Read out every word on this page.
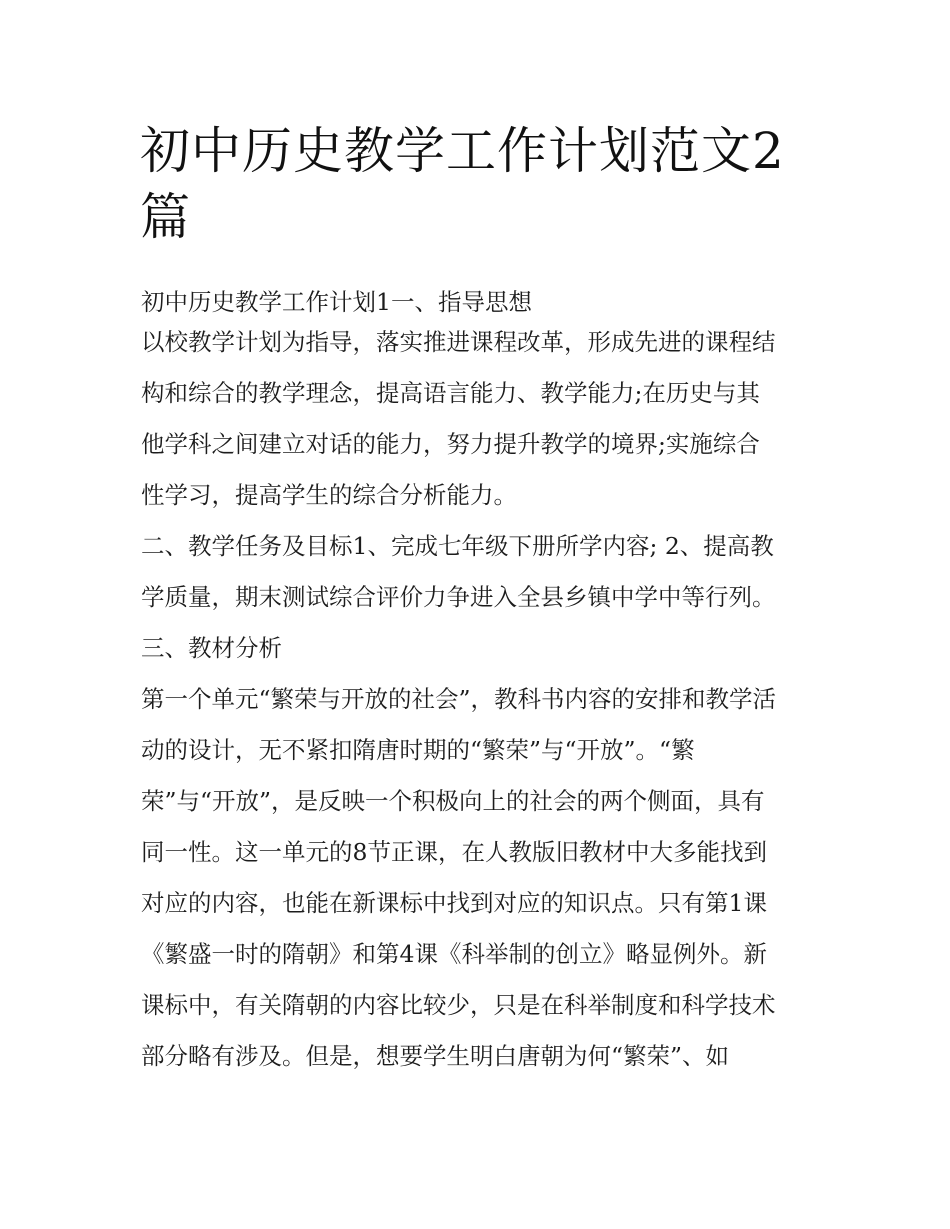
初中历史教学工作计划范文2篇
初中历史教学工作计划1一、指导思想
以校教学计划为指导，落实推进课程改革，形成先进的课程结
构和综合的教学理念，提高语言能力、教学能力;在历史与其
他学科之间建立对话的能力，努力提升教学的境界;实施综合
性学习，提高学生的综合分析能力。
二、教学任务及目标1、完成七年级下册所学内容; 2、提高教
学质量，期末测试综合评价力争进入全县乡镇中学中等行列。
三、教材分析
第一个单元“繁荣与开放的社会”，教科书内容的安排和教学活
动的设计，无不紧扣隋唐时期的“繁荣”与“开放”。“繁
荣”与“开放”，是反映一个积极向上的社会的两个侧面，具有
同一性。这一单元的8节正课，在人教版旧教材中大多能找到
对应的内容，也能在新课标中找到对应的知识点。只有第1课
《繁盛一时的隋朝》和第4课《科举制的创立》略显例外。新
课标中，有关隋朝的内容比较少，只是在科举制度和科学技术
部分略有涉及。但是，想要学生明白唐朝为何“繁荣”、如
